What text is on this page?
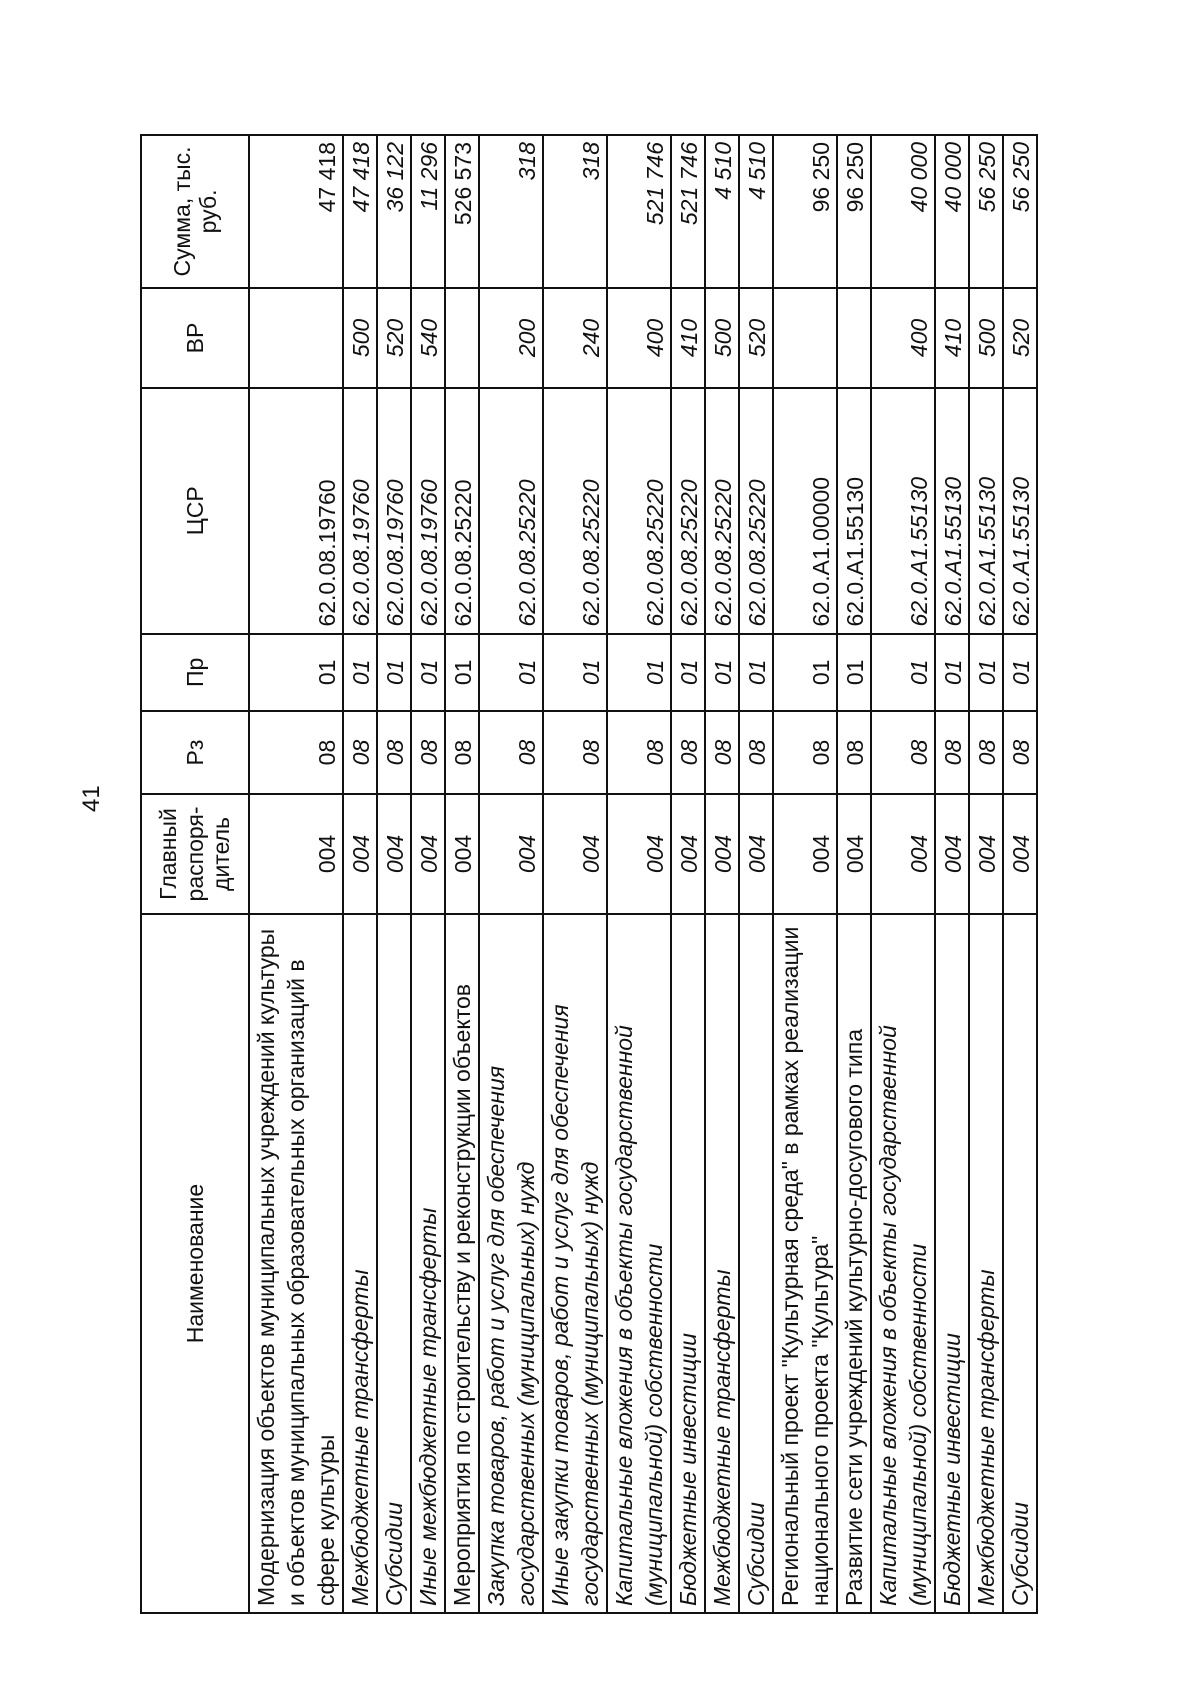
41
Наименование	Главный распоря-дитель	Рз	Пр	ЦСР	ВР	Сумма, тыс. руб.
Модернизация объектов муниципальных учреждений культуры и объектов муниципальных образовательных организаций в сфере культуры	004	08	01	62.0.08.19760		47 418
Межбюджетные трансферты	004	08	01	62.0.08.19760	500	47 418
Субсидии	004	08	01	62.0.08.19760	520	36 122
Иные межбюджетные трансферты	004	08	01	62.0.08.19760	540	11 296
Мероприятия по строительству и реконструкции объектов	004	08	01	62.0.08.25220		526 573
Закупка товаров, работ и услуг для обеспечения государственных (муниципальных) нужд	004	08	01	62.0.08.25220	200	318
Иные закупки товаров, работ и услуг для обеспечения государственных (муниципальных) нужд	004	08	01	62.0.08.25220	240	318
Капитальные вложения в объекты государственной (муниципальной) собственности	004	08	01	62.0.08.25220	400	521 746
Бюджетные инвестиции	004	08	01	62.0.08.25220	410	521 746
Межбюджетные трансферты	004	08	01	62.0.08.25220	500	4 510
Субсидии	004	08	01	62.0.08.25220	520	4 510
Региональный проект "Культурная среда" в рамках реализации национального проекта "Культура"	004	08	01	62.0.A1.00000		96 250
Развитие сети учреждений культурно-досугового типа	004	08	01	62.0.A1.55130		96 250
Капитальные вложения в объекты государственной (муниципальной) собственности	004	08	01	62.0.A1.55130	400	40 000
Бюджетные инвестиции	004	08	01	62.0.A1.55130	410	40 000
Межбюджетные трансферты	004	08	01	62.0.A1.55130	500	56 250
Субсидии	004	08	01	62.0.A1.55130	520	56 250
